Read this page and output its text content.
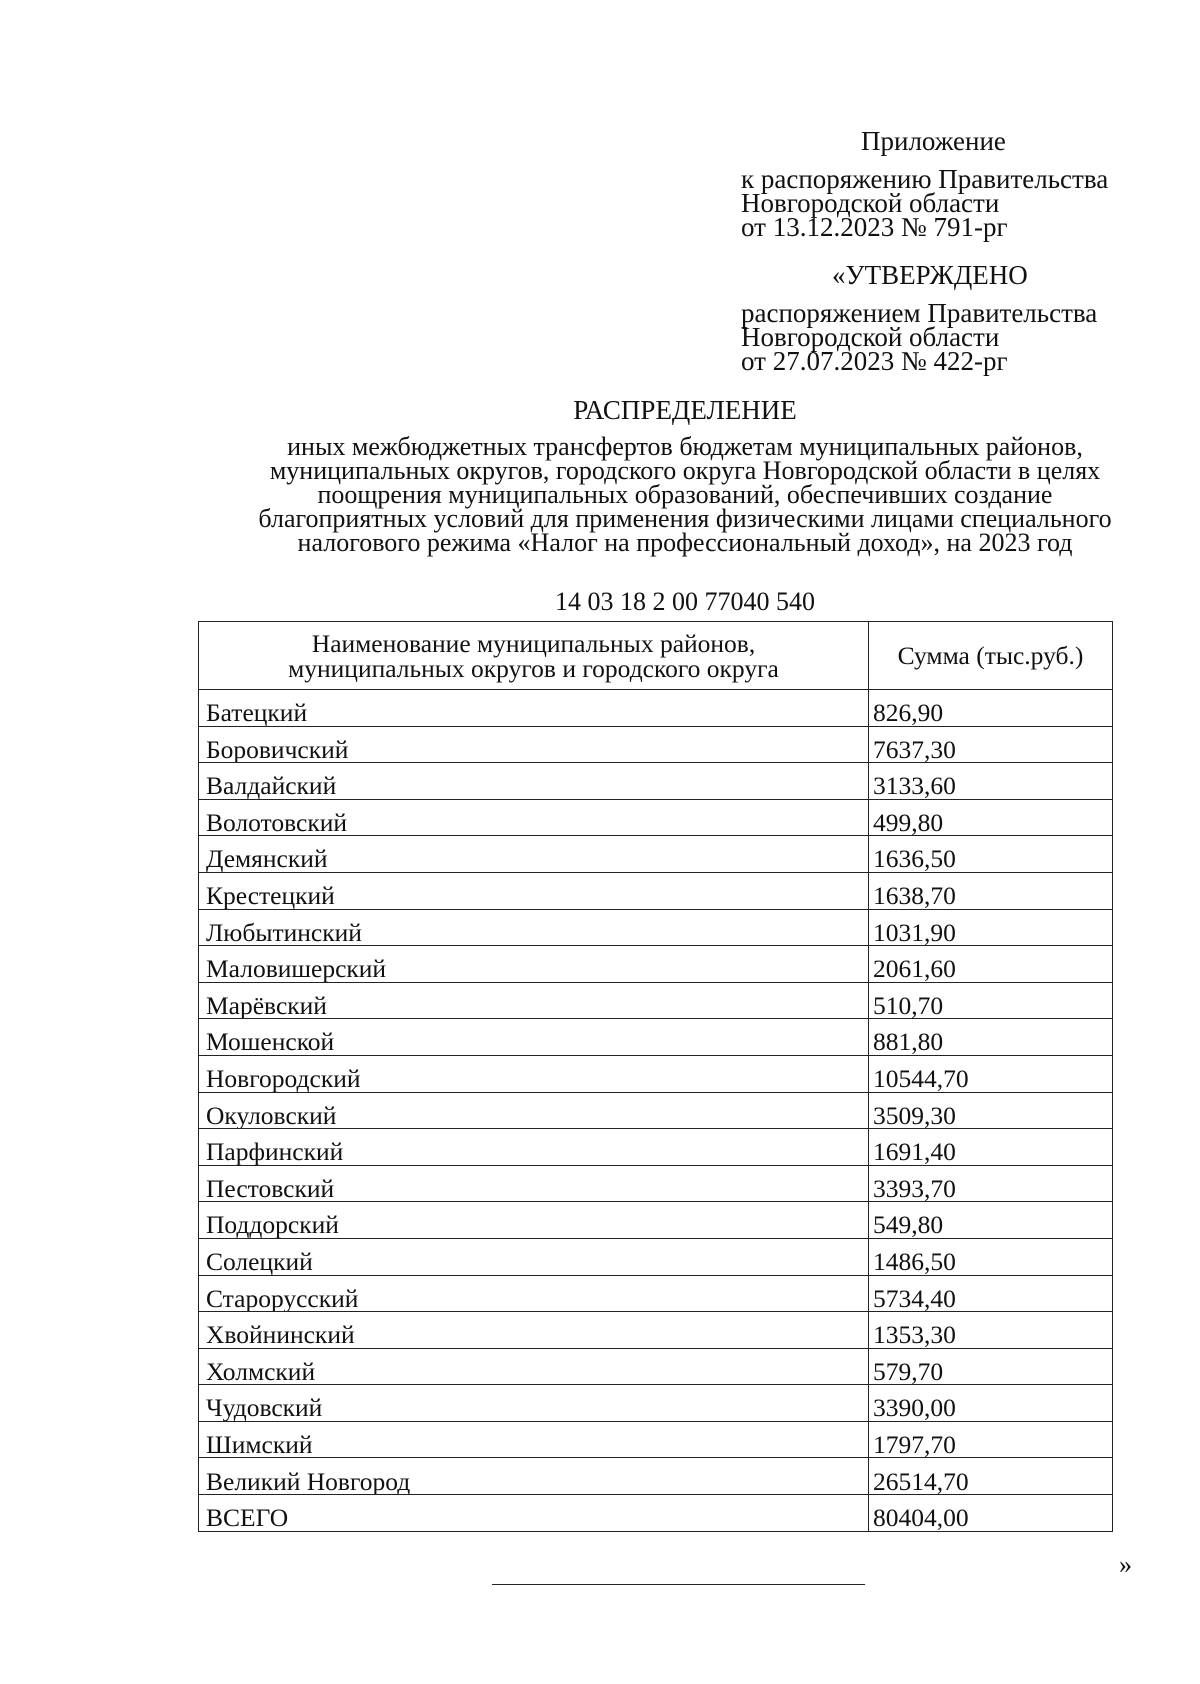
Приложение
к распоряжению Правительства
Новгородской области
от 13.12.2023 № 791-рг
«УТВЕРЖДЕНО
распоряжением Правительства
Новгородской области
от 27.07.2023 № 422-рг
РАСПРЕДЕЛЕНИЕ
иных межбюджетных трансфертов бюджетам муниципальных районов,
муниципальных округов, городского округа Новгородской области в целях
поощрения муниципальных образований, обеспечивших создание
благоприятных условий для применения физическими лицами специального
налогового режима «Налог на профессиональный доход», на 2023 год
14 03 18 2 00 77040 540
Наименование муниципальных районов,
муниципальных округов и городского округа	Сумма (тыс.руб.)
Батецкий	826,90
Боровичский	7637,30
Валдайский	3133,60
Волотовский	499,80
Демянский	1636,50
Крестецкий	1638,70
Любытинский	1031,90
Маловишерский	2061,60
Марёвский	510,70
Мошенской	881,80
Новгородский	10544,70
Окуловский	3509,30
Парфинский	1691,40
Пестовский	3393,70
Поддорский	549,80
Солецкий	1486,50
Старорусский	5734,40
Хвойнинский	1353,30
Холмский	579,70
Чудовский	3390,00
Шимский	1797,70
Великий Новгород	26514,70
ВСЕГО	80404,00
»
